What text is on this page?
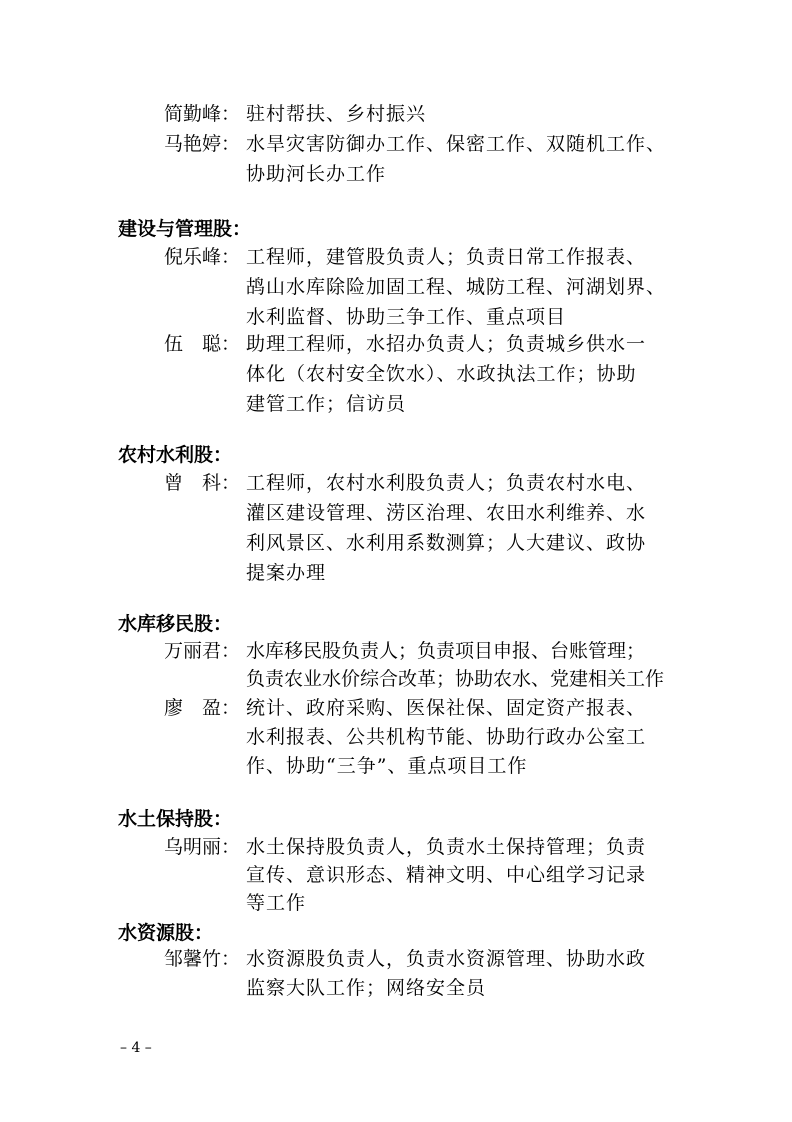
简勤峰： 驻村帮扶、乡村振兴
马艳婷： 水旱灾害防御办工作、保密工作、双随机工作、
协助河长办工作
建设与管理股：
倪乐峰： 工程师，建管股负责人；负责日常工作报表、
鸪山水库除险加固工程、城防工程、河湖划界、
水利监督、协助三争工作、重点项目
伍　聪： 助理工程师，水招办负责人；负责城乡供水一
体化（农村安全饮水）、水政执法工作；协助
建管工作；信访员
农村水利股：
曾　科： 工程师，农村水利股负责人；负责农村水电、
灌区建设管理、涝区治理、农田水利维养、水
利风景区、水利用系数测算；人大建议、政协
提案办理
水库移民股：
万丽君： 水库移民股负责人；负责项目申报、台账管理；
负责农业水价综合改革；协助农水、党建相关工作
廖　盈： 统计、政府采购、医保社保、固定资产报表、
水利报表、公共机构节能、协助行政办公室工
作、协助“三争”、重点项目工作
水土保持股：
乌明丽： 水土保持股负责人，负责水土保持管理；负责
宣传、意识形态、精神文明、中心组学习记录
等工作
水资源股：
邹馨竹： 水资源股负责人，负责水资源管理、协助水政
监察大队工作；网络安全员
– 4 –
